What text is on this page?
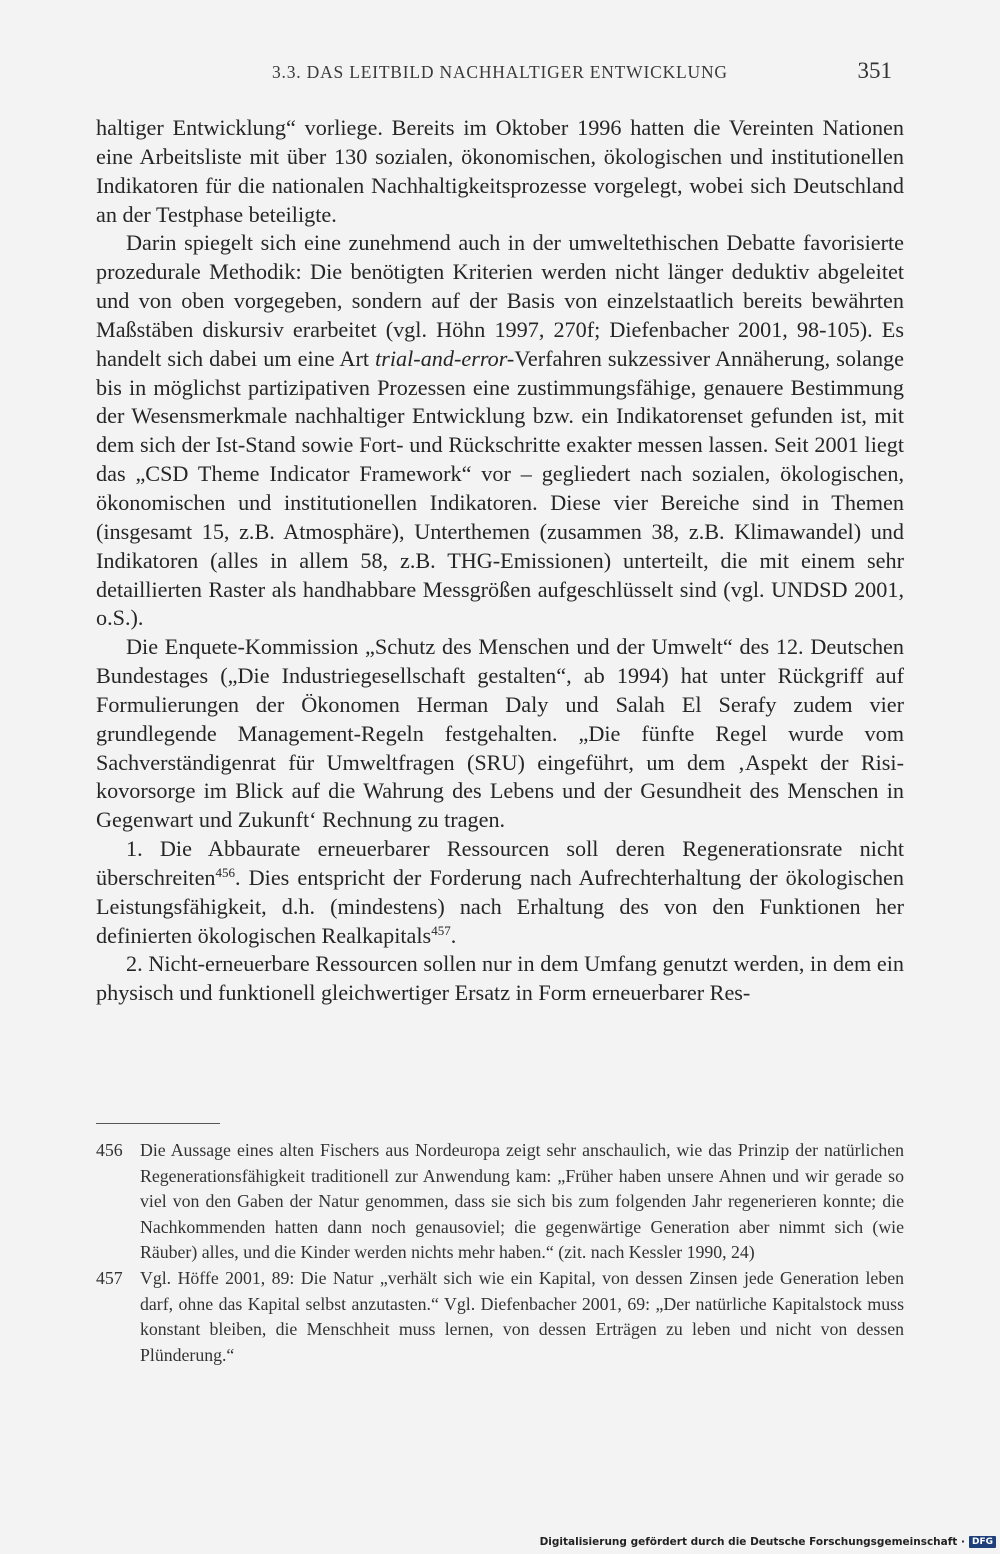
3.3. DAS LEITBILD NACHHALTIGER ENTWICKLUNG	351

haltiger Entwicklung“ vorliege. Bereits im Oktober 1996 hatten die Vereinten Nationen eine Arbeitsliste mit über 130 sozialen, ökonomischen, ökologischen und institutionellen Indikatoren für die nationalen Nachhaltigkeitsprozesse vorgelegt, wobei sich Deutschland an der Testphase beteiligte.

Darin spiegelt sich eine zunehmend auch in der umweltethischen Debatte favorisierte prozedurale Methodik: Die benötigten Kriterien werden nicht länger deduktiv abgeleitet und von oben vorgegeben, sondern auf der Basis von einzelstaatlich bereits bewährten Maßstäben diskursiv erarbeitet (vgl. Höhn 1997, 270f; Diefenbacher 2001, 98-105). Es handelt sich dabei um eine Art trial-and-error-Verfahren sukzessiver Annäherung, solange bis in möglichst partizipativen Prozessen eine zustimmungsfähige, genauere Bestimmung der Wesensmerkmale nachhaltiger Entwicklung bzw. ein Indikatorenset gefunden ist, mit dem sich der Ist-Stand sowie Fort- und Rückschritte exakter messen lassen. Seit 2001 liegt das „CSD Theme Indicator Framework“ vor – gegliedert nach sozialen, ökologischen, ökonomischen und institutionellen Indikatoren. Diese vier Bereiche sind in Themen (insgesamt 15, z.B. Atmosphäre), Unterthemen (zusammen 38, z.B. Klimawandel) und Indikatoren (alles in allem 58, z.B. THG-Emissionen) unterteilt, die mit einem sehr detaillierten Raster als handhabbare Messgrößen aufgeschlüsselt sind (vgl. UNDSD 2001, o.S.).

Die Enquete-Kommission „Schutz des Menschen und der Umwelt“ des 12. Deutschen Bundestages („Die Industriegesellschaft gestalten“, ab 1994) hat unter Rückgriff auf Formulierungen der Ökonomen Herman Daly und Salah El Serafy zudem vier grundlegende Management-Regeln festgehalten. „Die fünfte Regel wurde vom Sachverständigenrat für Umweltfragen (SRU) eingeführt, um dem ‚Aspekt der Risikovorsorge im Blick auf die Wahrung des Lebens und der Gesundheit des Menschen in Gegenwart und Zukunft‘ Rechnung zu tragen.

1. Die Abbaurate erneuerbarer Ressourcen soll deren Regenerationsrate nicht überschreiten$^{456}$. Dies entspricht der Forderung nach Aufrechterhaltung der ökologischen Leistungsfähigkeit, d.h. (mindestens) nach Erhaltung des von den Funktionen her definierten ökologischen Realkapitals$^{457}$.

2. Nicht-erneuerbare Ressourcen sollen nur in dem Umfang genutzt werden, in dem ein physisch und funktionell gleichwertiger Ersatz in Form erneuerbarer Res-

456 Die Aussage eines alten Fischers aus Nordeuropa zeigt sehr anschaulich, wie das Prinzip der natürlichen Regenerationsfähigkeit traditionell zur Anwendung kam: „Früher haben unsere Ahnen und wir gerade so viel von den Gaben der Natur genommen, dass sie sich bis zum folgenden Jahr regenerieren konnte; die Nachkommenden hatten dann noch genausoviel; die gegenwärtige Generation aber nimmt sich (wie Räuber) alles, und die Kinder werden nichts mehr haben.“ (zit. nach Kessler 1990, 24)
457 Vgl. Höffe 2001, 89: Die Natur „verhält sich wie ein Kapital, von dessen Zinsen jede Generation leben darf, ohne das Kapital selbst anzutasten.“ Vgl. Diefenbacher 2001, 69: „Der natürliche Kapitalstock muss konstant bleiben, die Menschheit muss lernen, von dessen Erträgen zu leben und nicht von dessen Plünderung.“
Digitalisierung gefördert durch die Deutsche Forschungsgemeinschaft · DFG
